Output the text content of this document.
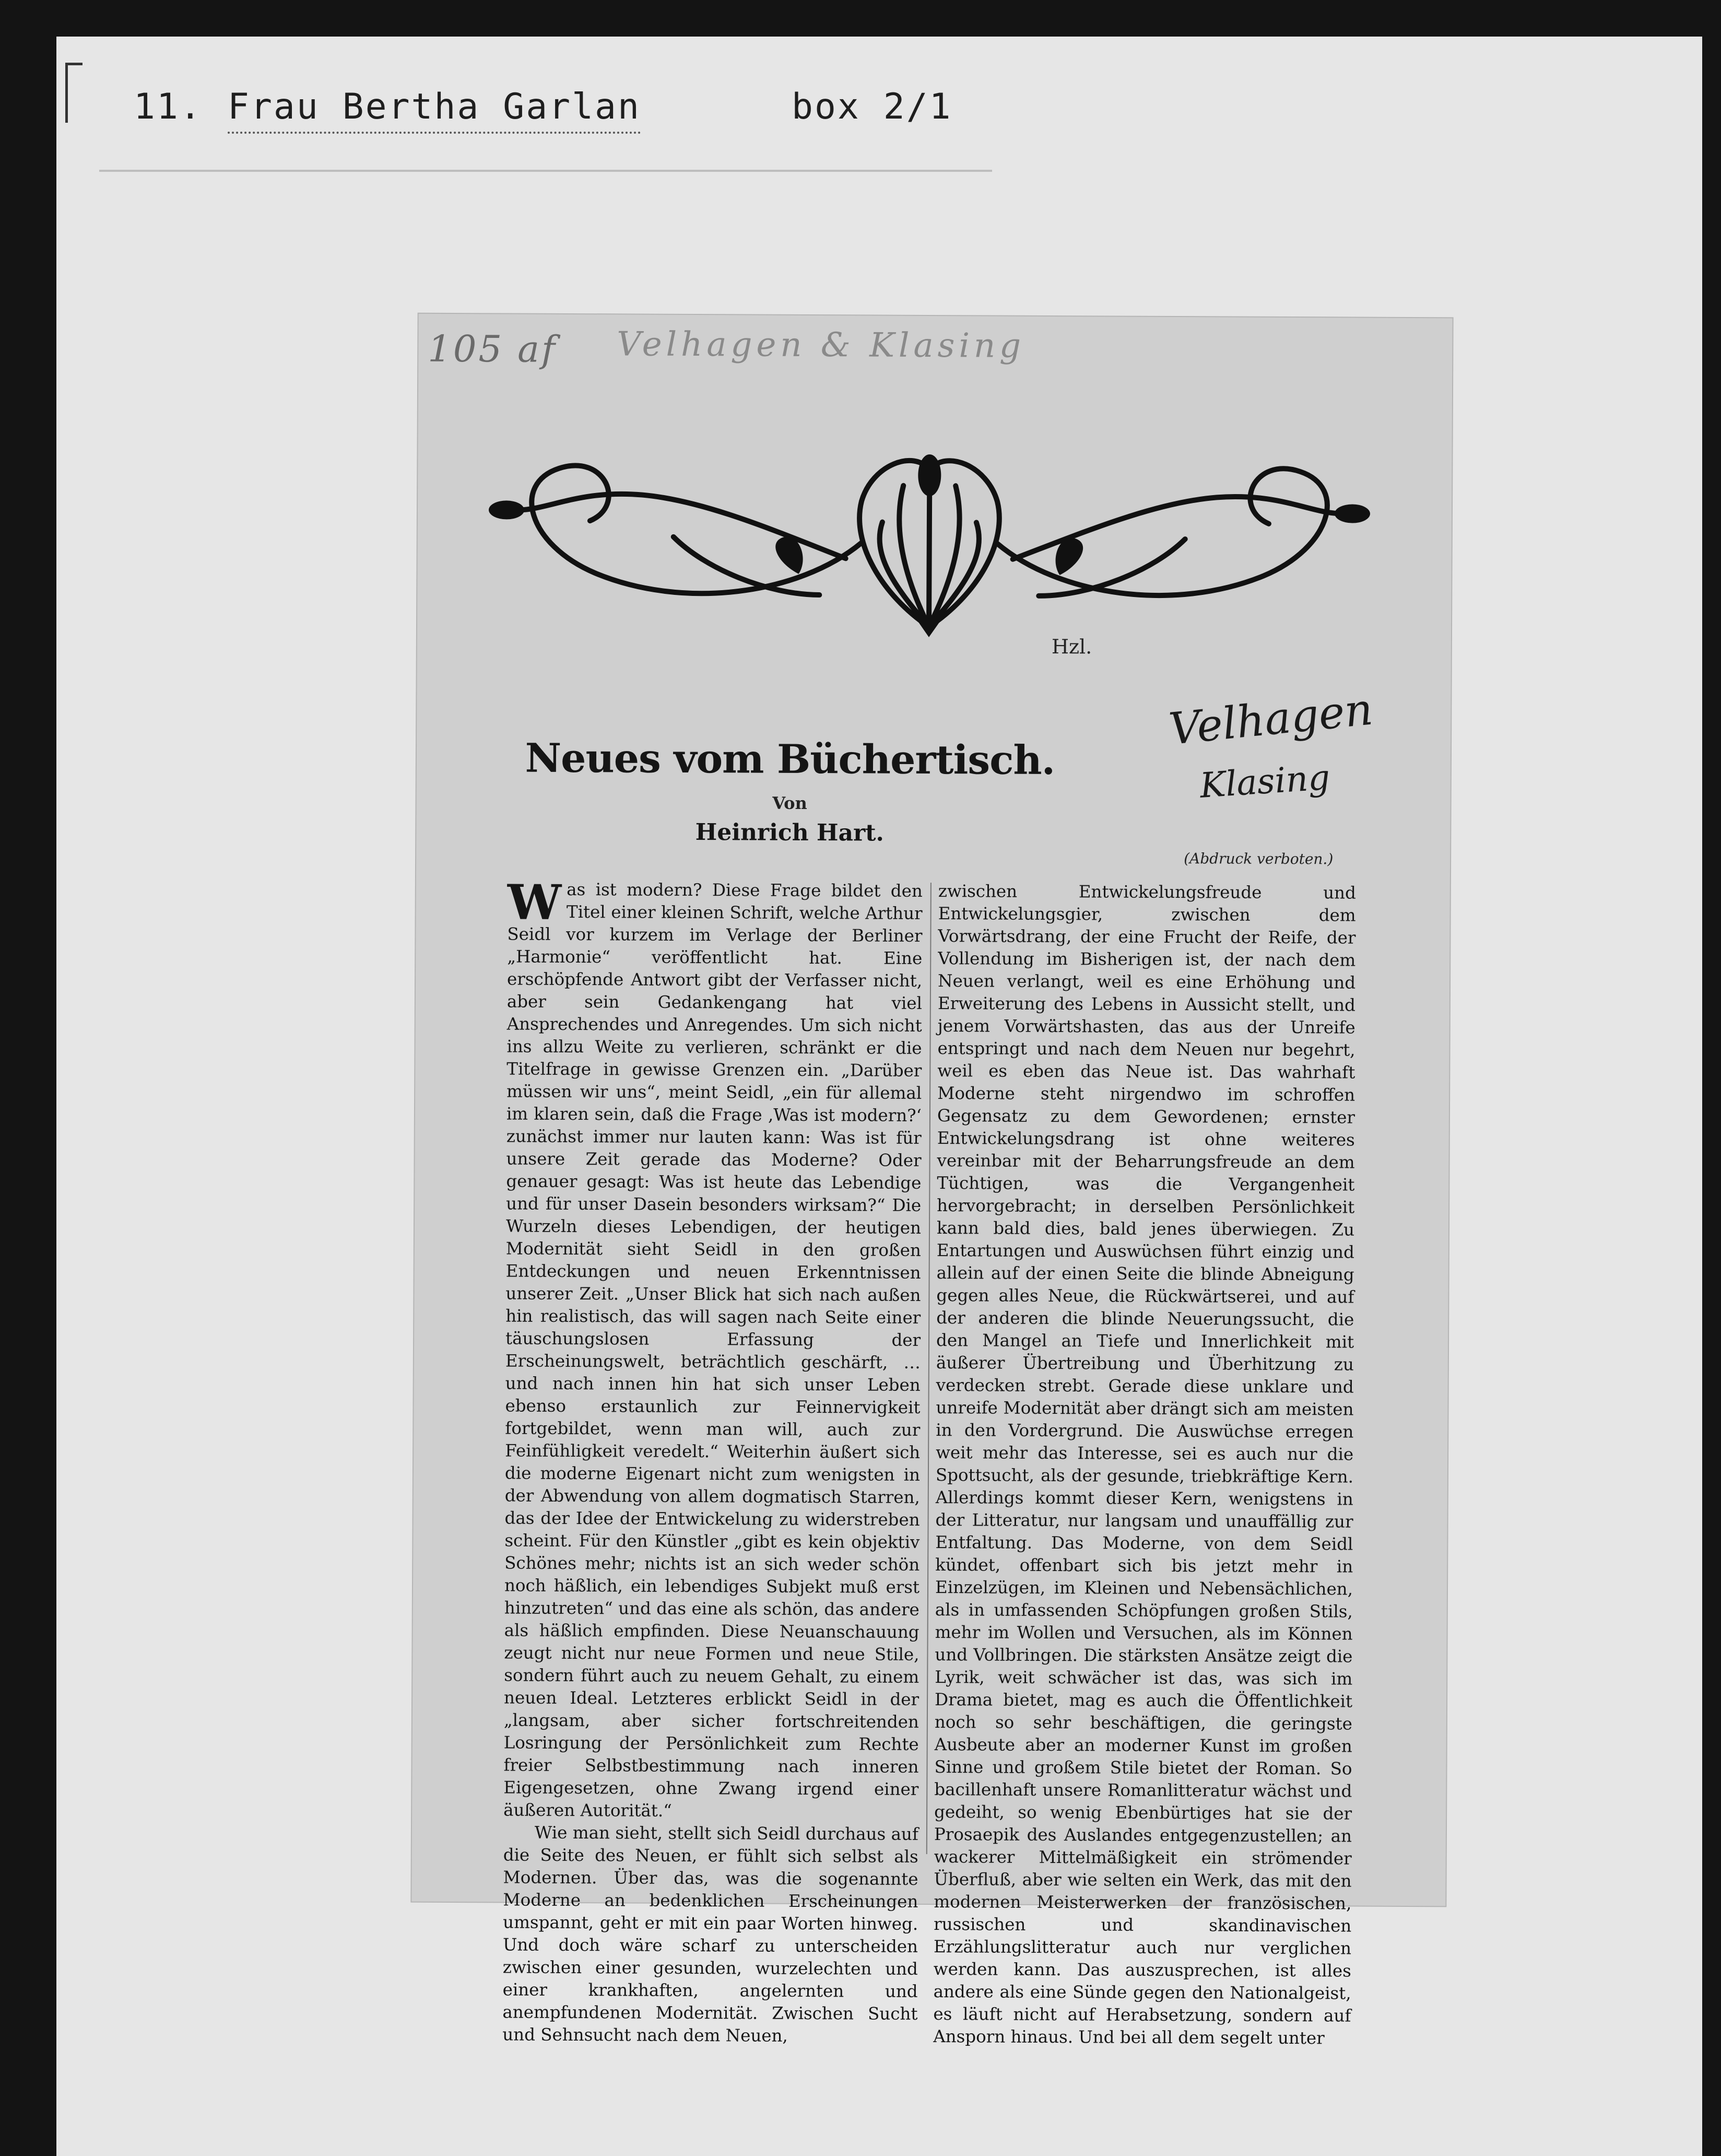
11. Frau Bertha Garlan	box 2/1
105 af Velhagen & Klasing
Hzl.
Velhagen
Klasing
Neues vom Büchertisch.
Von
Heinrich Hart.
(Abdruck verboten.)

Was ist modern? Diese Frage bildet den Titel einer kleinen Schrift, welche Arthur Seidl vor kurzem im Verlage der Berliner „Harmonie“ veröffentlicht hat. Eine erschöpfende Antwort gibt der Verfasser nicht, aber sein Gedankengang hat viel Ansprechendes und Anregendes. Um sich nicht ins allzu Weite zu verlieren, schränkt er die Titelfrage in gewisse Grenzen ein. „Darüber müssen wir uns“, meint Seidl, „ein für allemal im klaren sein, daß die Frage ‚Was ist modern?‘ zunächst immer nur lauten kann: Was ist für unsere Zeit gerade das Moderne? Oder genauer gesagt: Was ist heute das Lebendige und für unser Dasein besonders wirksam?“ Die Wurzeln dieses Lebendigen, der heutigen Modernität sieht Seidl in den großen Entdeckungen und neuen Erkenntnissen unserer Zeit. „Unser Blick hat sich nach außen hin realistisch, das will sagen nach Seite einer täuschungslosen Erfassung der Erscheinungswelt, beträchtlich geschärft, … und nach innen hin hat sich unser Leben ebenso erstaunlich zur Feinnervigkeit fortgebildet, wenn man will, auch zur Feinfühligkeit veredelt.“ Weiterhin äußert sich die moderne Eigenart nicht zum wenigsten in der Abwendung von allem dogmatisch Starren, das der Idee der Entwickelung zu widerstreben scheint. Für den Künstler „gibt es kein objektiv Schönes mehr; nichts ist an sich weder schön noch häßlich, ein lebendiges Subjekt muß erst hinzutreten“ und das eine als schön, das andere als häßlich empfinden. Diese Neuanschauung zeugt nicht nur neue Formen und neue Stile, sondern führt auch zu neuem Gehalt, zu einem neuen Ideal. Letzteres erblickt Seidl in der „langsam, aber sicher fortschreitenden Losringung der Persönlichkeit zum Rechte freier Selbstbestimmung nach inneren Eigengesetzen, ohne Zwang irgend einer äußeren Autorität.“

Wie man sieht, stellt sich Seidl durchaus auf die Seite des Neuen, er fühlt sich selbst als Modernen. Über das, was die sogenannte Moderne an bedenklichen Erscheinungen umspannt, geht er mit ein paar Worten hinweg. Und doch wäre scharf zu unterscheiden zwischen einer gesunden, wurzelechten und einer krankhaften, angelernten und anempfundenen Modernität. Zwischen Sucht und Sehnsucht nach dem Neuen,

zwischen Entwickelungsfreude und Entwickelungsgier, zwischen dem Vorwärtsdrang, der eine Frucht der Reife, der Vollendung im Bisherigen ist, der nach dem Neuen verlangt, weil es eine Erhöhung und Erweiterung des Lebens in Aussicht stellt, und jenem Vorwärtshasten, das aus der Unreife entspringt und nach dem Neuen nur begehrt, weil es eben das Neue ist. Das wahrhaft Moderne steht nirgendwo im schroffen Gegensatz zu dem Gewordenen; ernster Entwickelungsdrang ist ohne weiteres vereinbar mit der Beharrungsfreude an dem Tüchtigen, was die Vergangenheit hervorgebracht; in derselben Persönlichkeit kann bald dies, bald jenes überwiegen. Zu Entartungen und Auswüchsen führt einzig und allein auf der einen Seite die blinde Abneigung gegen alles Neue, die Rückwärtserei, und auf der anderen die blinde Neuerungssucht, die den Mangel an Tiefe und Innerlichkeit mit äußerer Übertreibung und Überhitzung zu verdecken strebt. Gerade diese unklare und unreife Modernität aber drängt sich am meisten in den Vordergrund. Die Auswüchse erregen weit mehr das Interesse, sei es auch nur die Spottsucht, als der gesunde, triebkräftige Kern. Allerdings kommt dieser Kern, wenigstens in der Litteratur, nur langsam und unauffällig zur Entfaltung. Das Moderne, von dem Seidl kündet, offenbart sich bis jetzt mehr in Einzelzügen, im Kleinen und Nebensächlichen, als in umfassenden Schöpfungen großen Stils, mehr im Wollen und Versuchen, als im Können und Vollbringen. Die stärksten Ansätze zeigt die Lyrik, weit schwächer ist das, was sich im Drama bietet, mag es auch die Öffentlichkeit noch so sehr beschäftigen, die geringste Ausbeute aber an moderner Kunst im großen Sinne und großem Stile bietet der Roman. So bacillenhaft unsere Romanlitteratur wächst und gedeiht, so wenig Ebenbürtiges hat sie der Prosaepik des Auslandes entgegenzustellen; an wackerer Mittelmäßigkeit ein strömender Überfluß, aber wie selten ein Werk, das mit den modernen Meisterwerken der französischen, russischen und skandinavischen Erzählungslitteratur auch nur verglichen werden kann. Das auszusprechen, ist alles andere als eine Sünde gegen den Nationalgeist, es läuft nicht auf Herabsetzung, sondern auf Ansporn hinaus. Und bei all dem segelt unter
